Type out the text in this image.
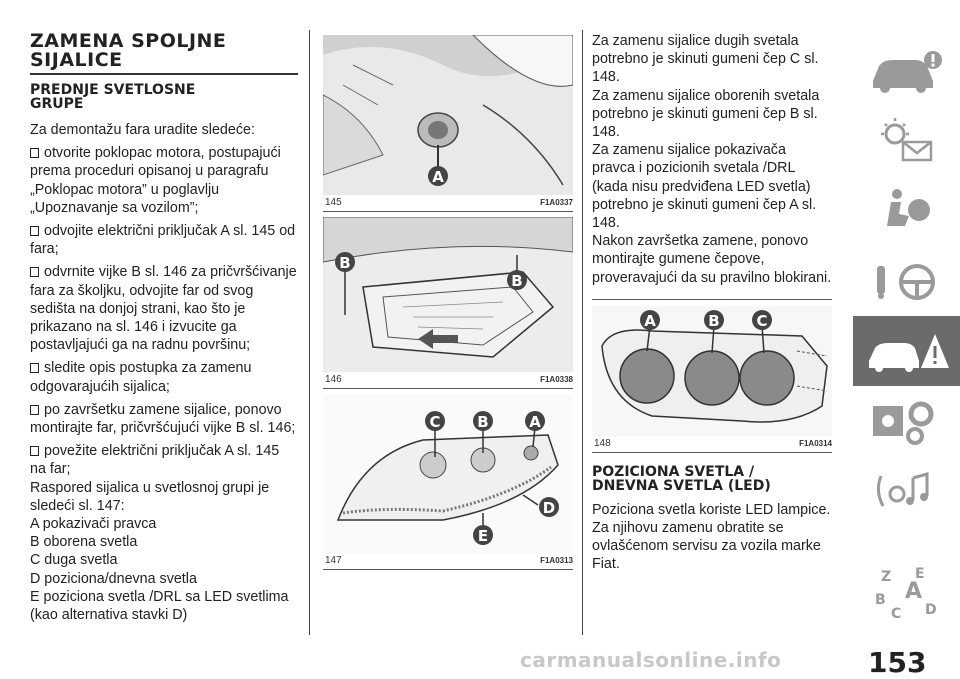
ZAMENA SPOLJNE
SIJALICE
PREDNJE SVETLOSNE
GRUPE

Za demontažu fara uradite sledeće:

otvorite poklopac motora, postupajući prema proceduri opisanoj u paragrafu „Poklopac motora” u poglavlju „Upoznavanje sa vozilom”;

odvojite električni priključak A sl. 145 od fara;

odvrnite vijke B sl. 146 za pričvršćivanje fara za školjku, odvojite far od svog sedišta na donjoj strani, kao što je prikazano na sl. 146 i izvucite ga postavljajući ga na radnu površinu;

sledite opis postupka za zamenu odgovarajućih sijalica;

po završetku zamene sijalice, ponovo montirajte far, pričvršćujući vijke B sl. 146;

povežite električni priključak A sl. 145 na far;

Raspored sijalica u svetlosnoj grupi je sledeći sl. 147:

A pokazivači pravca

B oborena svetla

C duga svetla

D poziciona/dnevna svetla

E poziciona svetla /DRL sa LED svetlima (kao alternativa stavki D)

A
145	F1A0337
B
B
146	F1A0338
C B	A
D
E
147	F1A0313

Za zamenu sijalice dugih svetala potrebno je skinuti gumeni čep C sl. 148.

Za zamenu sijalice oborenih svetala potrebno je skinuti gumeni čep B sl. 148.

Za zamenu sijalice pokazivača pravca i pozicionih svetala /DRL (kada nisu predviđena LED svetla) potrebno je skinuti gumeni čep A sl. 148.

Nakon završetka zamene, ponovo montirajte gumene čepove, proveravajući da su pravilno blokirani.

A	B C
148	F1A0314
POZICIONA SVETLA /
DNEVNA SVETLA (LED)

Poziciona svetla koriste LED lampice. Za njihovu zamenu obratite se ovlašćenom servisu za vozila marke Fiat.

Z E
B A
C D
153
carmanualsonline.info
